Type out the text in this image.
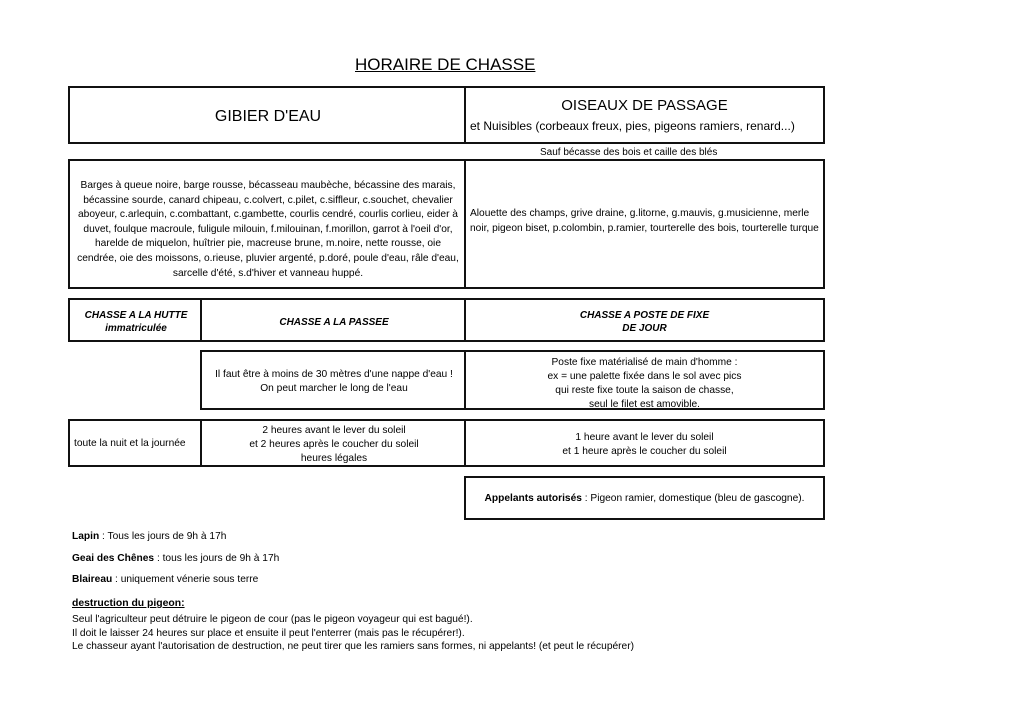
HORAIRE DE CHASSE
GIBIER D'EAU
OISEAUX DE PASSAGE
et Nuisibles (corbeaux freux, pies, pigeons ramiers, renard...)
Sauf bécasse des bois et caille des blés
Barges à queue noire, barge rousse, bécasseau maubèche, bécassine des marais, bécassine sourde, canard chipeau, c.colvert, c.pilet, c.siffleur, c.souchet, chevalier aboyeur, c.arlequin, c.combattant, c.gambette, courlis cendré, courlis corlieu, eider à duvet, foulque macroule, fuligule milouin, f.milouinan, f.morillon, garrot à l'oeil d'or, harelde de miquelon, huîtrier pie, macreuse brune, m.noire, nette rousse, oie cendrée, oie des moissons, o.rieuse, pluvier argenté, p.doré, poule d'eau, râle d'eau, sarcelle d'été, s.d'hiver et vanneau huppé.
Alouette des champs, grive draine, g.litorne, g.mauvis, g.musicienne, merle noir, pigeon biset, p.colombin, p.ramier, tourterelle des bois, tourterelle turque
CHASSE A LA HUTTE
immatriculée
CHASSE A LA PASSEE
CHASSE A POSTE DE FIXE
DE JOUR
Il faut être à moins de 30 mètres d'une nappe d'eau !
On peut marcher le long de l'eau
Poste fixe matérialisé de main d'homme :
ex = une palette fixée dans le sol avec pics
qui reste fixe toute la saison de chasse,
seul le filet est amovible.
toute la nuit et la journée
2 heures avant le lever du soleil
et 2 heures après le coucher du soleil
heures légales
1 heure avant le lever du soleil
et 1 heure après le coucher du soleil
Appelants autorisés : Pigeon ramier, domestique (bleu de gascogne).
Lapin : Tous les jours de 9h à 17h
Geai des Chênes : tous les jours de 9h à 17h
Blaireau : uniquement vénerie sous terre
destruction du pigeon:
Seul l'agriculteur peut détruire le pigeon de cour (pas le pigeon voyageur qui est bagué!).
Il doit le laisser 24 heures sur place et ensuite il peut l'enterrer (mais pas le récupérer!).
Le chasseur ayant l'autorisation de destruction, ne peut tirer que les ramiers sans formes, ni appelants! (et peut le récupérer)
